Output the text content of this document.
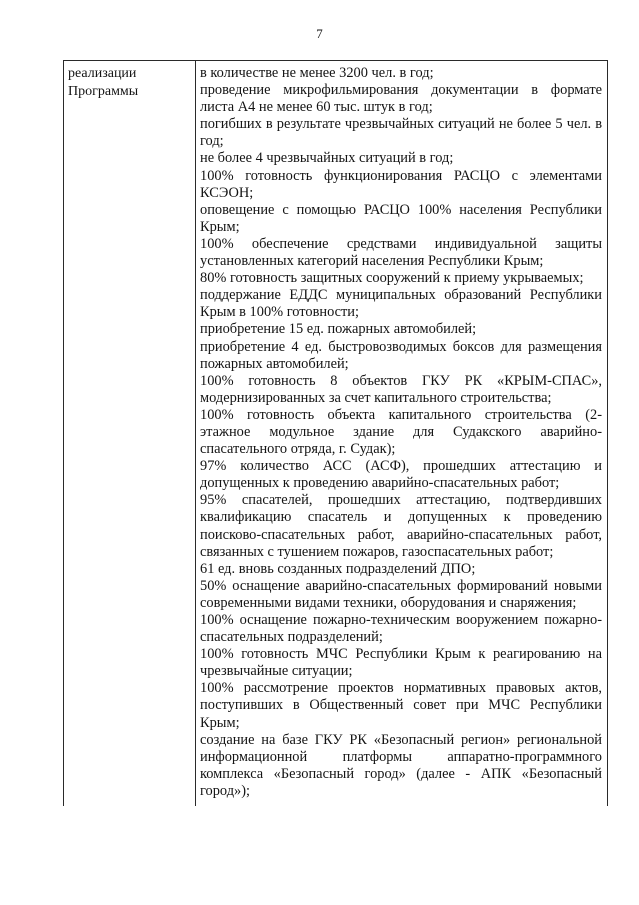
7
реализации
Программы
в количестве не менее 3200 чел. в год;
проведение микрофильмирования документации в формате листа А4 не менее 60 тыс. штук в год;
погибших в результате чрезвычайных ситуаций не более 5 чел. в год;
не более 4 чрезвычайных ситуаций в год;
100% готовность функционирования РАСЦО с элементами КСЭОН;
оповещение с помощью РАСЦО 100% населения Республики Крым;
100% обеспечение средствами индивидуальной защиты установленных категорий населения Республики Крым;
80% готовность защитных сооружений к приему укрываемых;
поддержание ЕДДС муниципальных образований Республики Крым в 100% готовности;
приобретение 15 ед. пожарных автомобилей;
приобретение 4 ед. быстровозводимых боксов для размещения пожарных автомобилей;
100% готовность 8 объектов ГКУ РК «КРЫМ-СПАС», модернизированных за счет капитального строительства;
100% готовность объекта капитального строительства (2-этажное модульное здание для Судакского аварийно-спасательного отряда, г. Судак);
97% количество АСС (АСФ), прошедших аттестацию и допущенных к проведению аварийно-спасательных работ;
95% спасателей, прошедших аттестацию, подтвердивших квалификацию спасатель и допущенных к проведению поисково-спасательных работ, аварийно-спасательных работ, связанных с тушением пожаров, газоспасательных работ;
61 ед. вновь созданных подразделений ДПО;
50% оснащение аварийно-спасательных формирований новыми современными видами техники, оборудования и снаряжения;
100% оснащение пожарно-техническим вооружением пожарно-спасательных подразделений;
100% готовность МЧС Республики Крым к реагированию на чрезвычайные ситуации;
100% рассмотрение проектов нормативных правовых актов, поступивших в Общественный совет при МЧС Республики Крым;
создание на базе ГКУ РК «Безопасный регион» региональной информационной платформы аппаратно-программного комплекса «Безопасный город» (далее - АПК «Безопасный город»);
